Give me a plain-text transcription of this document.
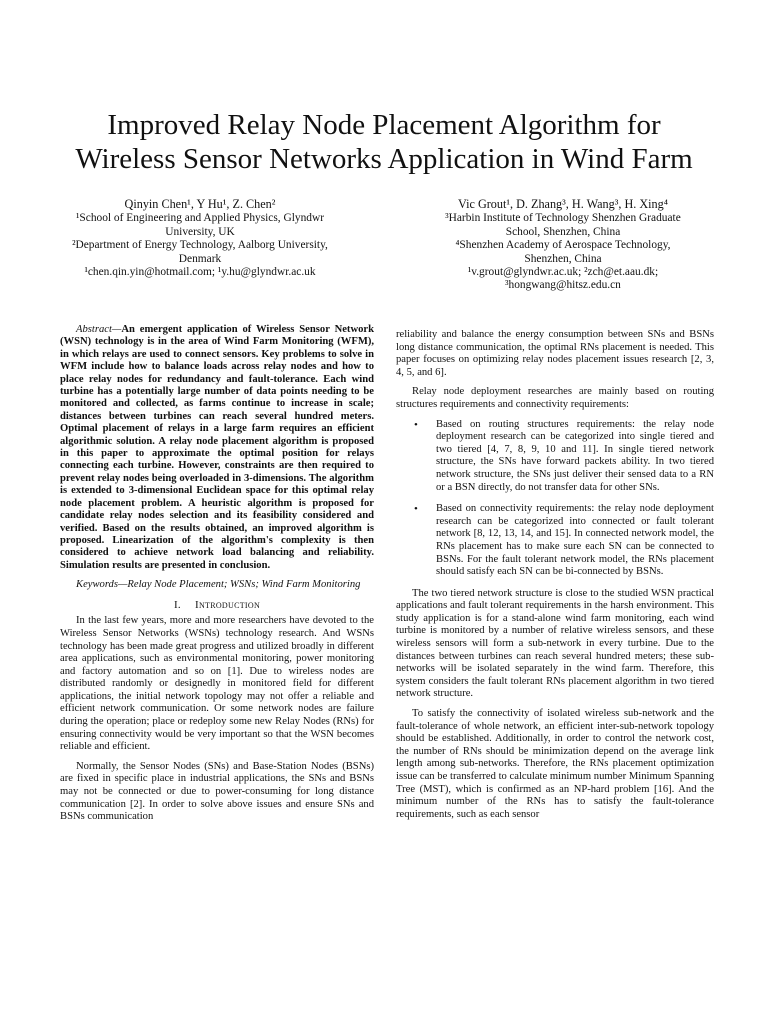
Improved Relay Node Placement Algorithm for
Wireless Sensor Networks Application in Wind Farm
Qinyin Chen¹, Y Hu¹, Z. Chen²
¹School of Engineering and Applied Physics, Glyndwr
University, UK
²Department of Energy Technology, Aalborg University,
Denmark
¹chen.qin.yin@hotmail.com; ¹y.hu@glyndwr.ac.uk
Vic Grout¹, D. Zhang³, H. Wang³, H. Xing⁴
³Harbin Institute of Technology Shenzhen Graduate
School, Shenzhen, China
⁴Shenzhen Academy of Aerospace Technology,
Shenzhen, China
¹v.grout@glyndwr.ac.uk; ²zch@et.aau.dk;
³hongwang@hitsz.edu.cn

Abstract—An emergent application of Wireless Sensor Network (WSN) technology is in the area of Wind Farm Monitoring (WFM), in which relays are used to connect sensors. Key problems to solve in WFM include how to balance loads across relay nodes and how to place relay nodes for redundancy and fault-tolerance. Each wind turbine has a potentially large number of data points needing to be monitored and collected, as farms continue to increase in scale; distances between turbines can reach several hundred meters. Optimal placement of relays in a large farm requires an efficient algorithmic solution. A relay node placement algorithm is proposed in this paper to approximate the optimal position for relays connecting each turbine. However, constraints are then required to prevent relay nodes being overloaded in 3-dimensions. The algorithm is extended to 3-dimensional Euclidean space for this optimal relay node placement problem. A heuristic algorithm is proposed for candidate relay nodes selection and its feasibility considered and verified. Based on the results obtained, an improved algorithm is proposed. Linearization of the algorithm's complexity is then considered to achieve network load balancing and reliability. Simulation results are presented in conclusion.

Keywords—Relay Node Placement; WSNs; Wind Farm Monitoring

I. Introduction

In the last few years, more and more researchers have devoted to the Wireless Sensor Networks (WSNs) technology research. And WSNs technology has been made great progress and utilized broadly in different area applications, such as environmental monitoring, power monitoring and factory automation and so on [1]. Due to wireless nodes are distributed randomly or designedly in monitored field for different applications, the initial network topology may not offer a reliable and efficient network communication. Or some network nodes are failure during the operation; place or redeploy some new Relay Nodes (RNs) for ensuring connectivity would be very important so that the WSN becomes reliable and efficient.

Normally, the Sensor Nodes (SNs) and Base-Station Nodes (BSNs) are fixed in specific place in industrial applications, the SNs and BSNs may not be connected or due to power-consuming for long distance communication [2]. In order to solve above issues and ensure SNs and BSNs communication

reliability and balance the energy consumption between SNs and BSNs long distance communication, the optimal RNs placement is needed. This paper focuses on optimizing relay nodes placement issues research [2, 3, 4, 5, and 6].

Relay node deployment researches are mainly based on routing structures requirements and connectivity requirements:

• Based on routing structures requirements: the relay node deployment research can be categorized into single tiered and two tiered [4, 7, 8, 9, 10 and 11]. In single tiered network structure, the SNs have forward packets ability. In two tiered network structure, the SNs just deliver their sensed data to a RN or a BSN directly, do not transfer data for other SNs.
• Based on connectivity requirements: the relay node deployment research can be categorized into connected or fault tolerant network [8, 12, 13, 14, and 15]. In connected network model, the RNs placement has to make sure each SN can be connected to BSNs. For the fault tolerant network model, the RNs placement should satisfy each SN can be bi-connected by BSNs.

The two tiered network structure is close to the studied WSN practical applications and fault tolerant requirements in the harsh environment. This study application is for a stand-alone wind farm monitoring, each wind turbine is monitored by a number of relative wireless sensors, and these wireless sensors will form a sub-network in every turbine. Due to the distances between turbines can reach several hundred meters; these sub-networks will be isolated separately in the wind farm. Therefore, this system considers the fault tolerant RNs placement algorithm in two tiered network structure.

To satisfy the connectivity of isolated wireless sub-network and the fault-tolerance of whole network, an efficient inter-sub-network topology should be established. Additionally, in order to control the network cost, the number of RNs should be minimization depend on the average link length among sub-networks. Therefore, the RNs placement optimization issue can be transferred to calculate minimum number Minimum Spanning Tree (MST), which is confirmed as an NP-hard problem [16]. And the minimum number of the RNs has to satisfy the fault-tolerance requirements, such as each sensor
